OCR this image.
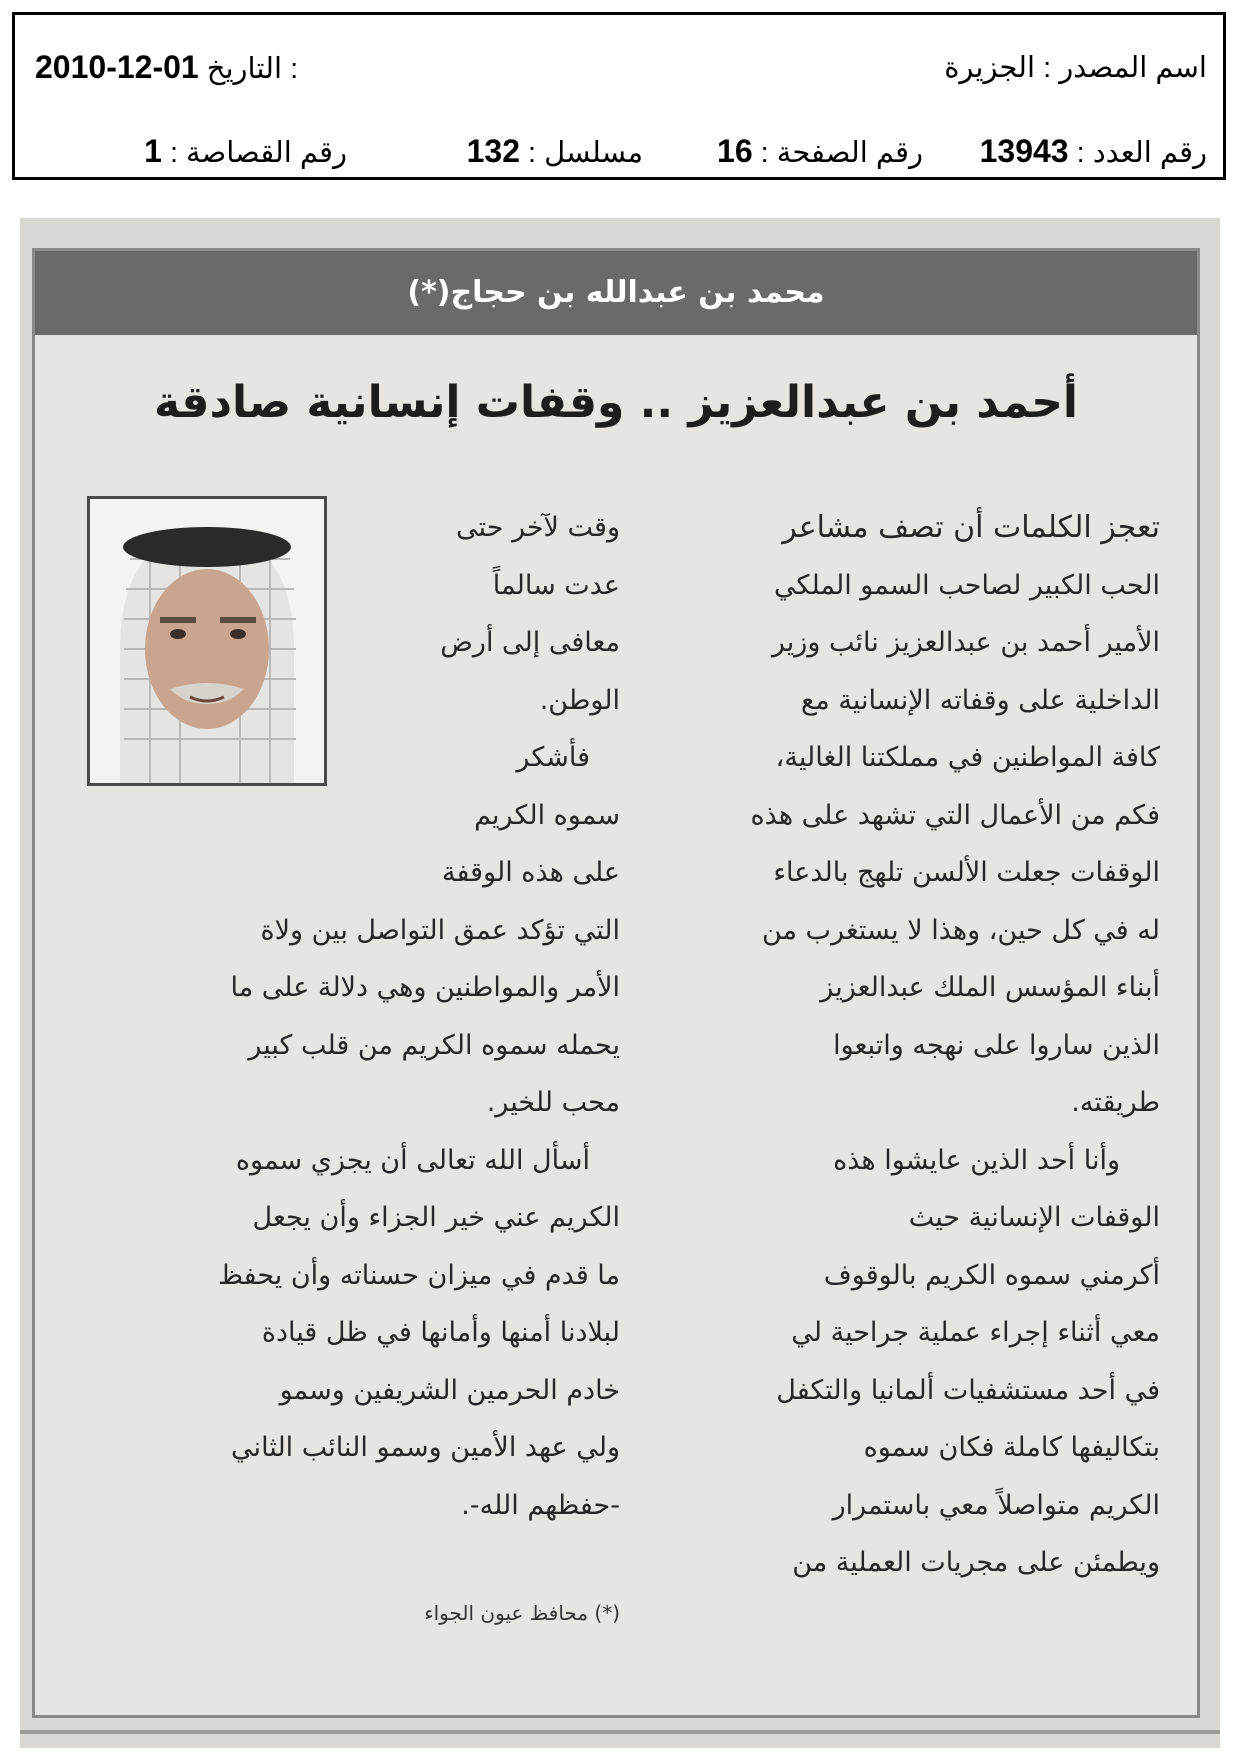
اسم المصدر : الجزيرة
2010-12-01 التاريخ :
رقم العدد : 13943
رقم الصفحة : 16
مسلسل : 132
رقم القصاصة : 1
محمد بن عبدالله بن حجاج(*)
أحمد بن عبدالعزيز .. وقفات إنسانية صادقة

تعجز الكلمات أن تصف مشاعر

الحب الكبير لصاحب السمو الملكي

الأمير أحمد بن عبدالعزيز نائب وزير

الداخلية على وقفاته الإنسانية مع

كافة المواطنين في مملكتنا الغالية،

فكم من الأعمال التي تشهد على هذه

الوقفات جعلت الألسن تلهج بالدعاء

له في كل حين، وهذا لا يستغرب من

أبناء المؤسس الملك عبدالعزيز

الذين ساروا على نهجه واتبعوا

طريقته.

وأنا أحد الذين عايشوا هذه

الوقفات الإنسانية حيث

أكرمني سموه الكريم بالوقوف

معي أثناء إجراء عملية جراحية لي

في أحد مستشفيات ألمانيا والتكفل

بتكاليفها كاملة فكان سموه

الكريم متواصلاً معي باستمرار

ويطمئن على مجريات العملية من

وقت لآخر حتى

عدت سالماً

معافى إلى أرض

الوطن.

فأشكر

سموه الكريم

على هذه الوقفة

التي تؤكد عمق التواصل بين ولاة

الأمر والمواطنين وهي دلالة على ما

يحمله سموه الكريم من قلب كبير

محب للخير.

أسأل الله تعالى أن يجزي سموه

الكريم عني خير الجزاء وأن يجعل

ما قدم في ميزان حسناته وأن يحفظ

لبلادنا أمنها وأمانها في ظل قيادة

خادم الحرمين الشريفين وسمو

ولي عهد الأمين وسمو النائب الثاني

-حفظهم الله-.

(*) محافظ عيون الجواء
